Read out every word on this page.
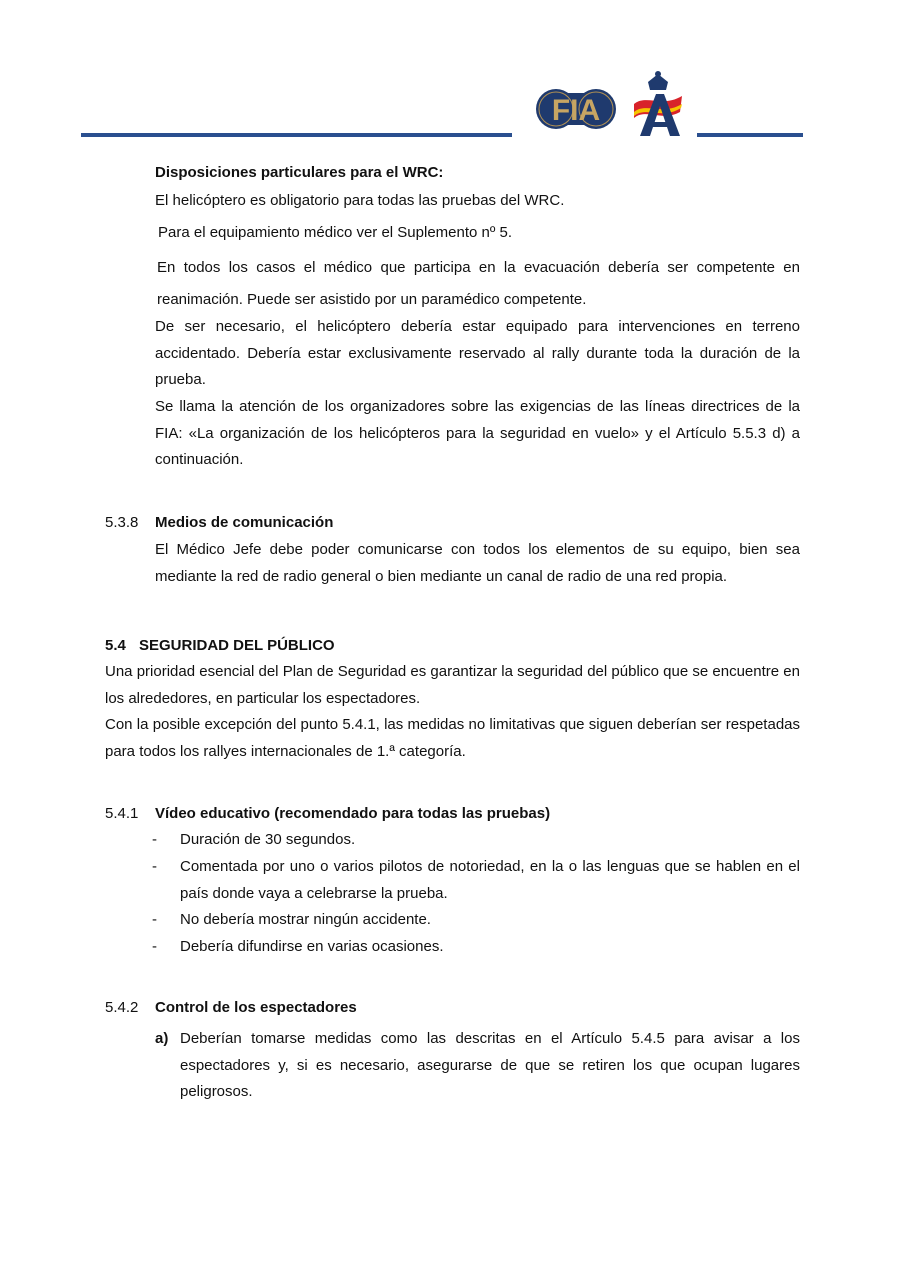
FIA
Disposiciones particulares para el WRC:
El helicóptero es obligatorio para todas las pruebas del WRC.
Para el equipamiento médico ver el Suplemento nº 5.
En todos los casos el médico que participa en la evacuación debería ser competente en reanimación. Puede ser asistido por un paramédico competente.
De ser necesario, el helicóptero debería estar equipado para intervenciones en terreno accidentado. Debería estar exclusivamente reservado al rally durante toda la duración de la prueba.
Se llama la atención de los organizadores sobre las exigencias de las líneas directrices de la FIA: «La organización de los helicópteros para la seguridad en vuelo» y el Artículo 5.5.3 d) a continuación.
5.3.8 Medios de comunicación
El Médico Jefe debe poder comunicarse con todos los elementos de su equipo, bien sea mediante la red de radio general o bien mediante un canal de radio de una red propia.
5.4 SEGURIDAD DEL PÚBLICO
Una prioridad esencial del Plan de Seguridad es garantizar la seguridad del público que se encuentre en los alrededores, en particular los espectadores.
Con la posible excepción del punto 5.4.1, las medidas no limitativas que siguen deberían ser respetadas para todos los rallyes internacionales de 1.ª categoría.
5.4.1 Vídeo educativo (recomendado para todas las pruebas)
- Duración de 30 segundos.
- Comentada por uno o varios pilotos de notoriedad, en la o las lenguas que se hablen en el país donde vaya a celebrarse la prueba.
- No debería mostrar ningún accidente.
- Debería difundirse en varias ocasiones.
5.4.2 Control de los espectadores
a) Deberían tomarse medidas como las descritas en el Artículo 5.4.5 para avisar a los espectadores y, si es necesario, asegurarse de que se retiren los que ocupan lugares peligrosos.
